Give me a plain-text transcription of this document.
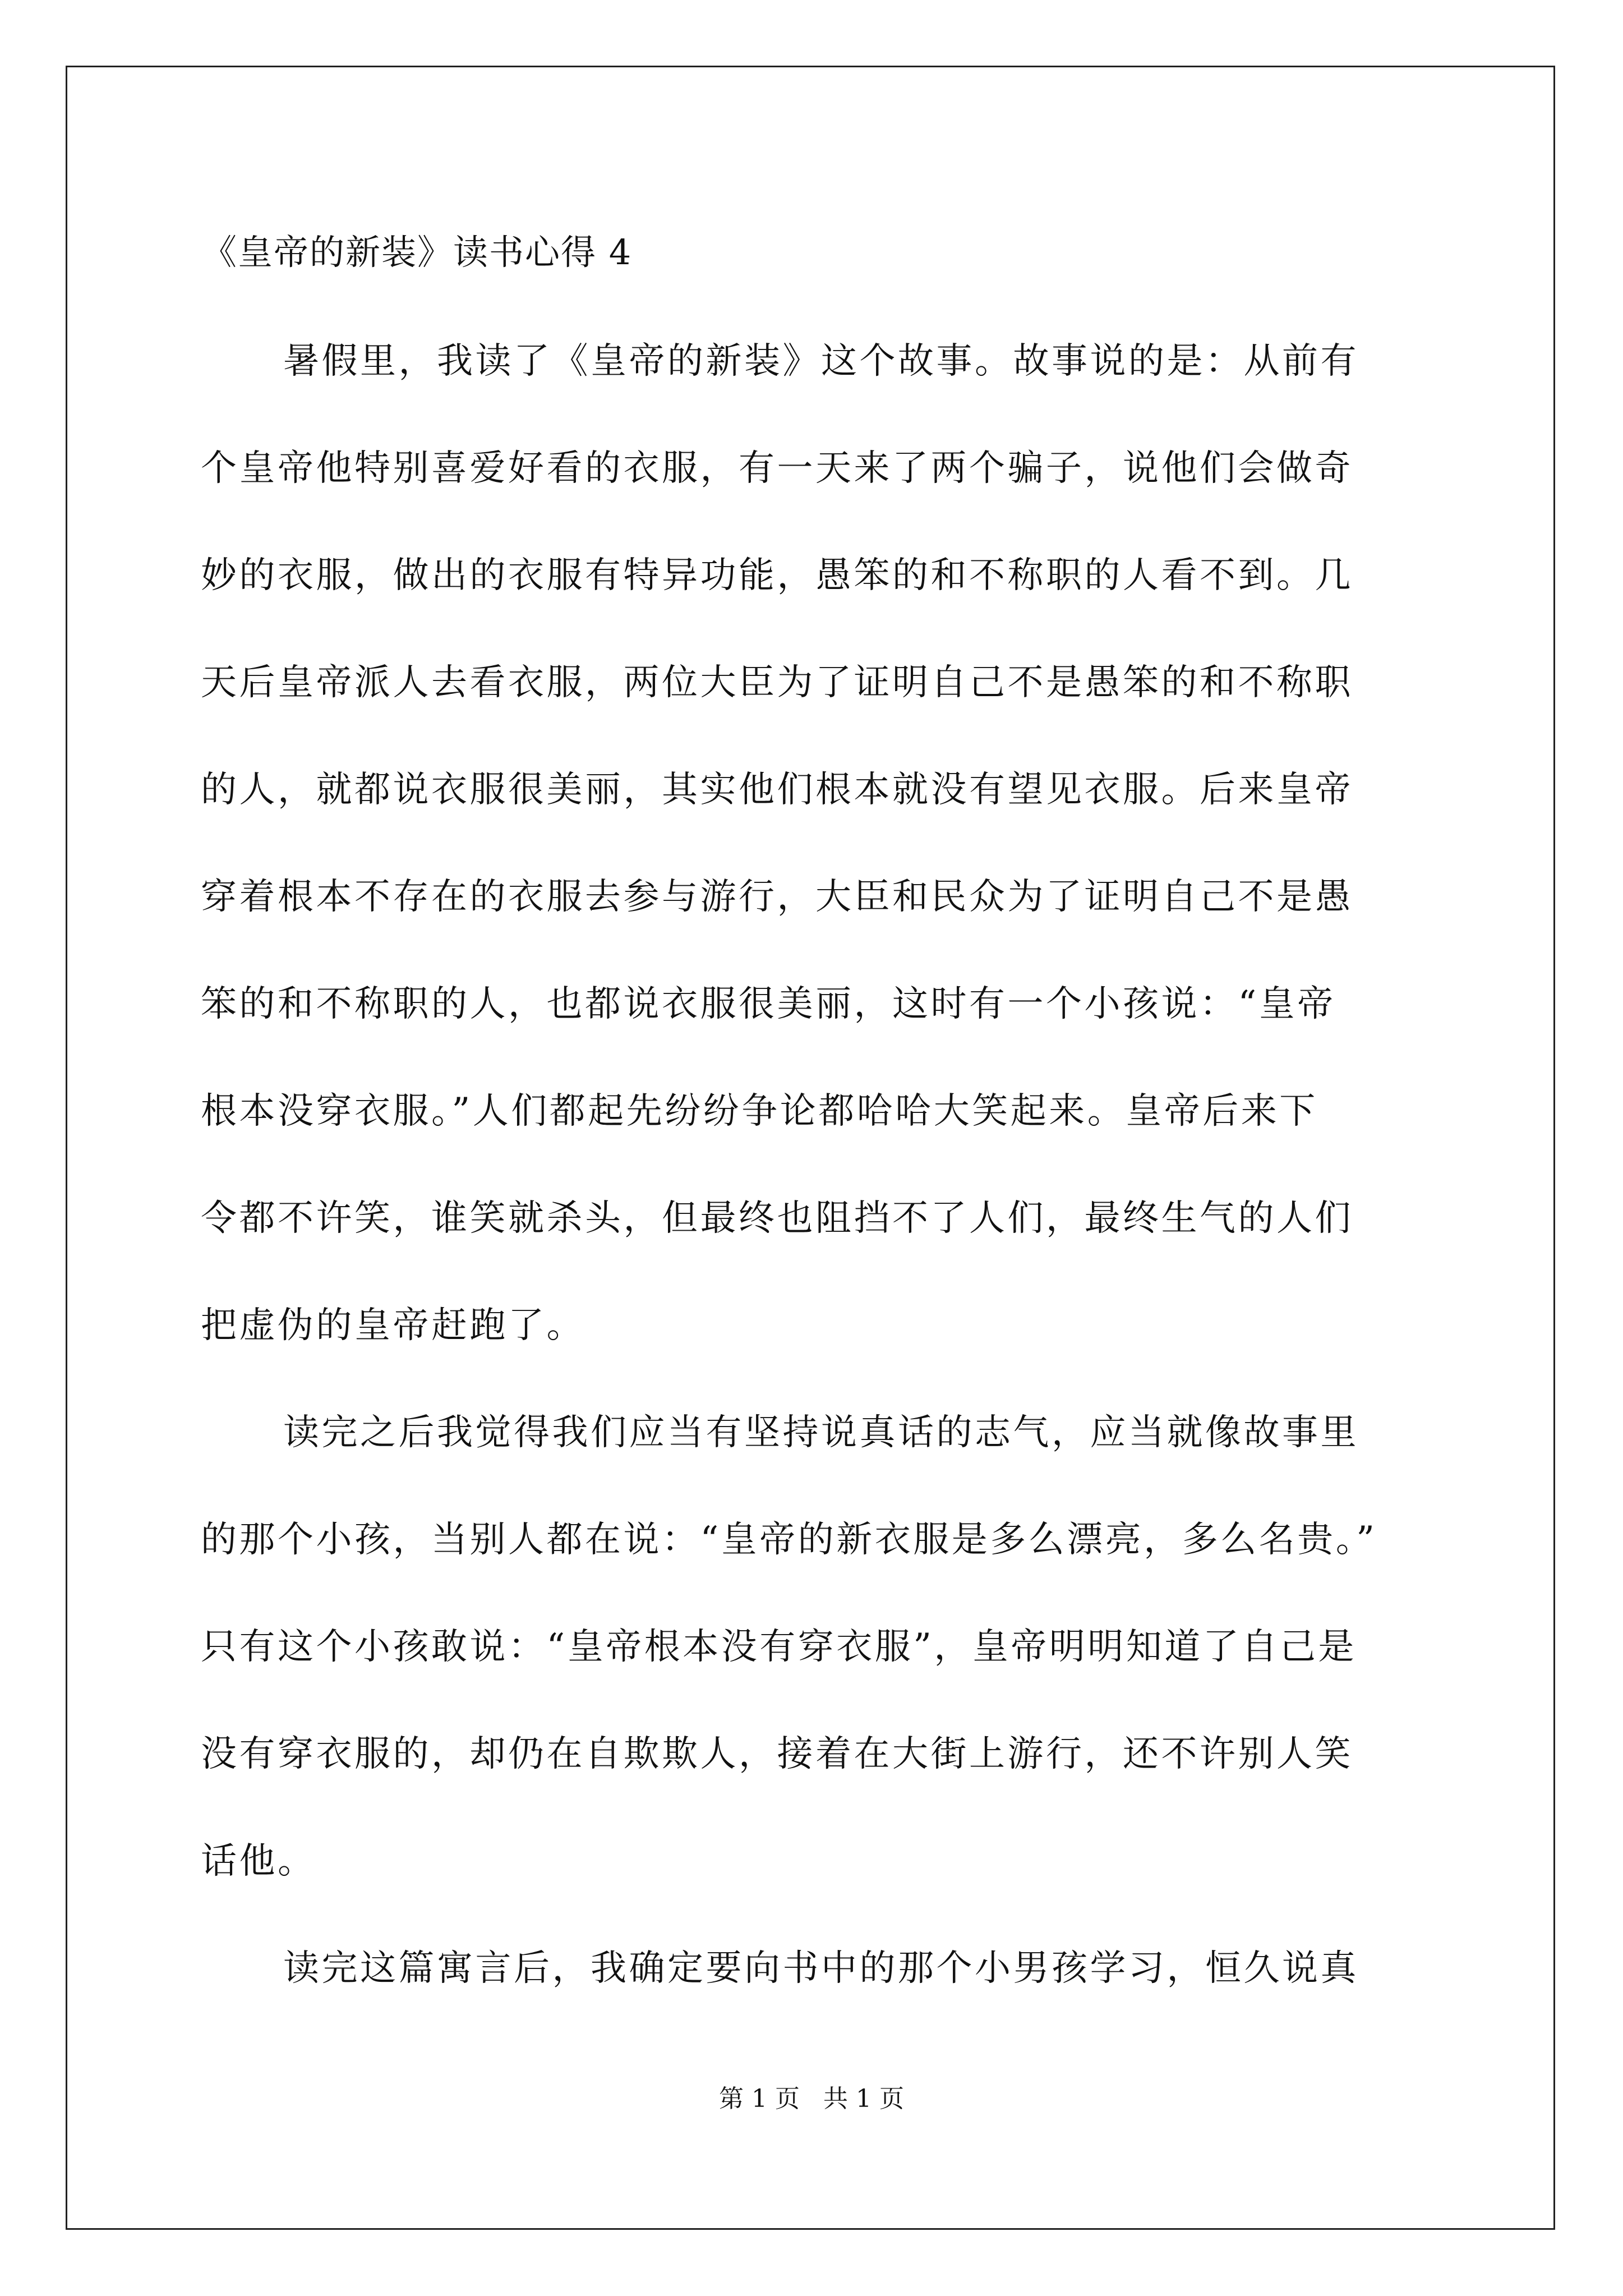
《皇帝的新装》读书心得 4
暑假里，我读了《皇帝的新装》这个故事。故事说的是：从前有
个皇帝他特别喜爱好看的衣服，有一天来了两个骗子，说他们会做奇
妙的衣服，做出的衣服有特异功能，愚笨的和不称职的人看不到。几
天后皇帝派人去看衣服，两位大臣为了证明自己不是愚笨的和不称职
的人，就都说衣服很美丽，其实他们根本就没有望见衣服。后来皇帝
穿着根本不存在的衣服去参与游行，大臣和民众为了证明自己不是愚
笨的和不称职的人，也都说衣服很美丽，这时有一个小孩说：“皇帝
根本没穿衣服。”人们都起先纷纷争论都哈哈大笑起来。皇帝后来下
令都不许笑，谁笑就杀头，但最终也阻挡不了人们，最终生气的人们
把虚伪的皇帝赶跑了。
读完之后我觉得我们应当有坚持说真话的志气，应当就像故事里
的那个小孩，当别人都在说：“皇帝的新衣服是多么漂亮，多么名贵。”
只有这个小孩敢说：“皇帝根本没有穿衣服”，皇帝明明知道了自己是
没有穿衣服的，却仍在自欺欺人，接着在大街上游行，还不许别人笑
话他。
读完这篇寓言后，我确定要向书中的那个小男孩学习，恒久说真
第 1 页   共 1 页
